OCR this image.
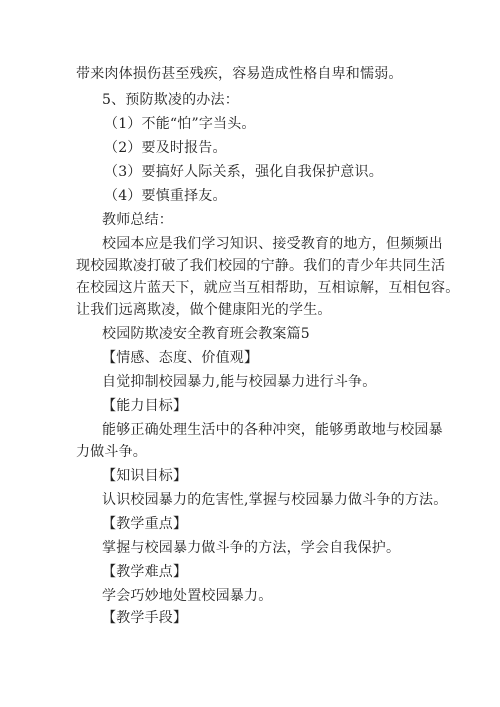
带来肉体损伤甚至残疾，容易造成性格自卑和懦弱。
5、预防欺凌的办法：
（1）不能“怕”字当头。
（2）要及时报告。
（3）要搞好人际关系，强化自我保护意识。
（4）要慎重择友。
教师总结：
校园本应是我们学习知识、接受教育的地方，但频频出
现校园欺凌打破了我们校园的宁静。我们的青少年共同生活
在校园这片蓝天下，就应当互相帮助，互相谅解，互相包容。
让我们远离欺凌，做个健康阳光的学生。
校园防欺凌安全教育班会教案篇5
【情感、态度、价值观】
自觉抑制校园暴力,能与校园暴力进行斗争。
【能力目标】
能够正确处理生活中的各种冲突，能够勇敢地与校园暴
力做斗争。
【知识目标】
认识校园暴力的危害性,掌握与校园暴力做斗争的方法。
【教学重点】
掌握与校园暴力做斗争的方法，学会自我保护。
【教学难点】
学会巧妙地处置校园暴力。
【教学手段】
